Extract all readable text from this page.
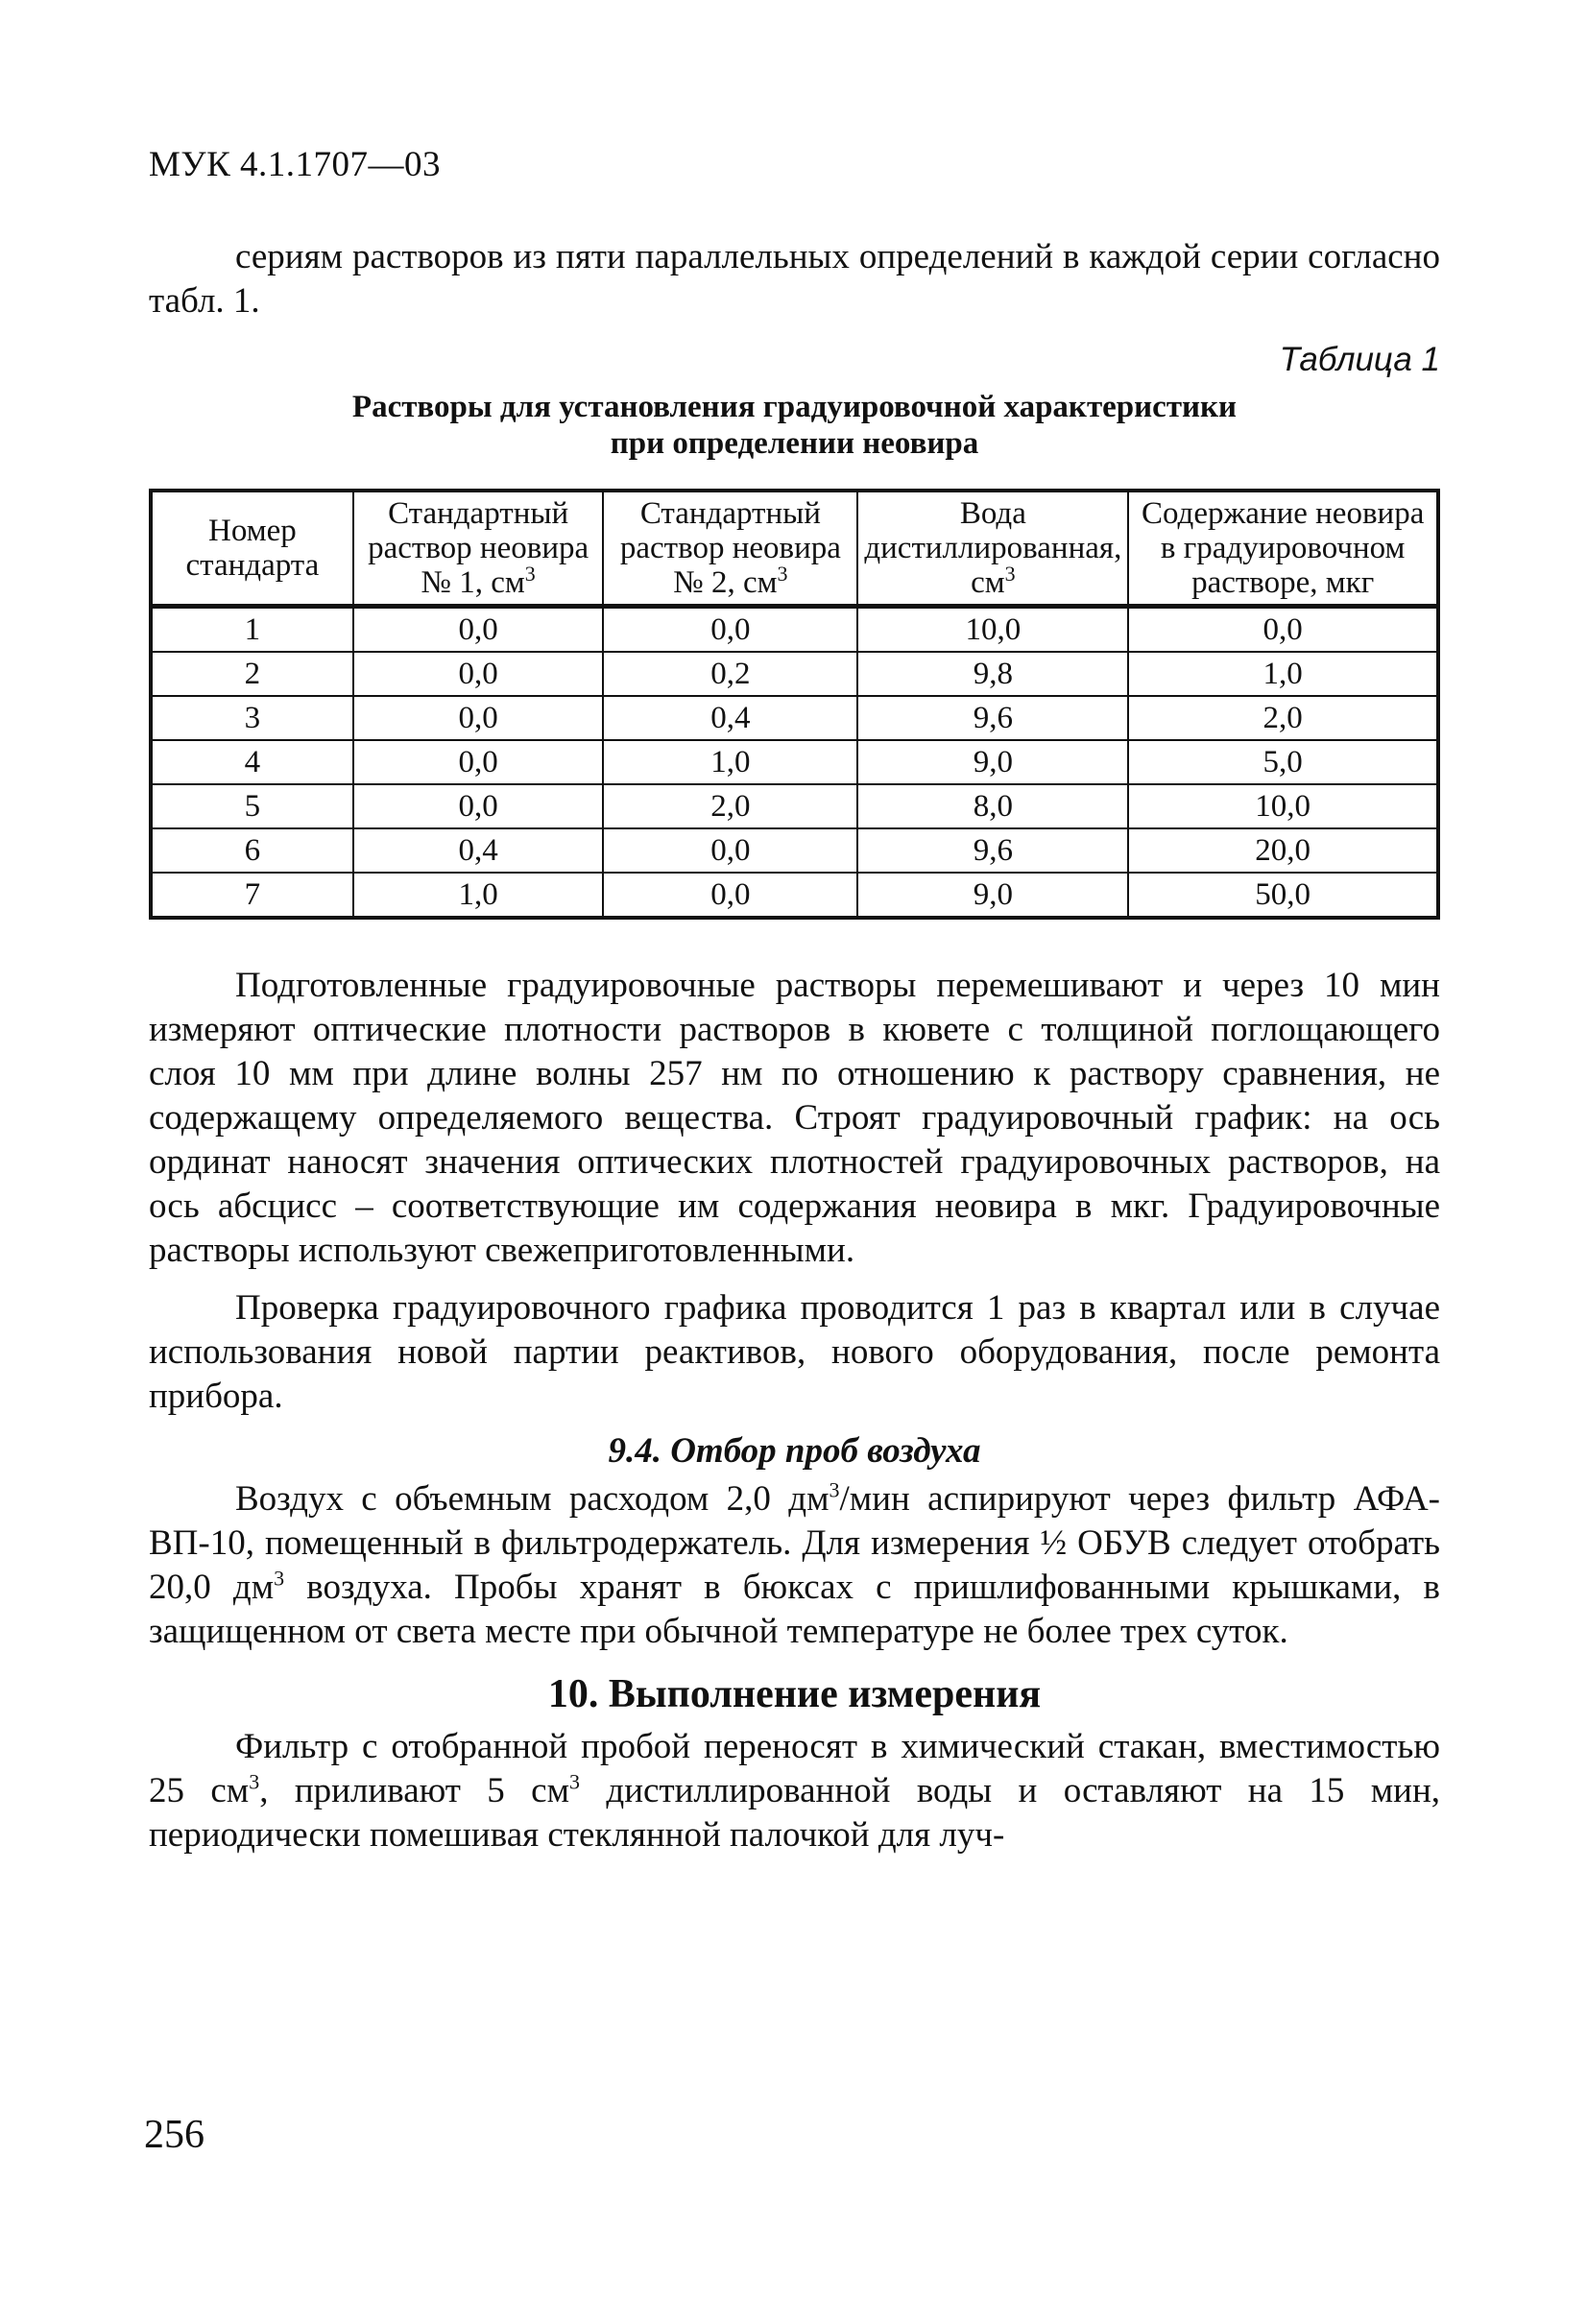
МУК 4.1.1707—03

сериям растворов из пяти параллельных определений в каждой серии согласно табл. 1.

Таблица 1
Растворы для установления градуировочной характеристики
при определении неовира
Номер стандарта	Стандартный раствор неовира № 1, $см^3$	Стандартный раствор неовира № 2, $см^3$	Вода дистиллированная, $см^3$	Содержание неовира в градуировочном растворе, мкг
1	0,0	0,0	10,0	0,0
2	0,0	0,2	9,8	1,0
3	0,0	0,4	9,6	2,0
4	0,0	1,0	9,0	5,0
5	0,0	2,0	8,0	10,0
6	0,4	0,0	9,6	20,0
7	1,0	0,0	9,0	50,0

Подготовленные градуировочные растворы перемешивают и через 10 мин измеряют оптические плотности растворов в кювете с толщиной поглощающего слоя 10 мм при длине волны 257 нм по отношению к раствору сравнения, не содержащему определяемого вещества. Строят градуировочный график: на ось ординат наносят значения оптических плотностей градуировочных растворов, на ось абсцисс – соответствующие им содержания неовира в мкг. Градуировочные растворы используют свежеприготовленными.

Проверка градуировочного графика проводится 1 раз в квартал или в случае использования новой партии реактивов, нового оборудования, после ремонта прибора.

9.4. Отбор проб воздуха

Воздух с объемным расходом 2,0 $дм^3$/мин аспирируют через фильтр АФА-ВП-10, помещенный в фильтродержатель. Для измерения ½ ОБУВ следует отобрать 20,0 $дм^3$ воздуха. Пробы хранят в бюксах с пришлифованными крышками, в защищенном от света месте при обычной температуре не более трех суток.

10. Выполнение измерения

Фильтр с отобранной пробой переносят в химический стакан, вместимостью 25 $см^3$, приливают 5 $см^3$ дистиллированной воды и оставляют на 15 мин, периодически помешивая стеклянной палочкой для луч-

256
